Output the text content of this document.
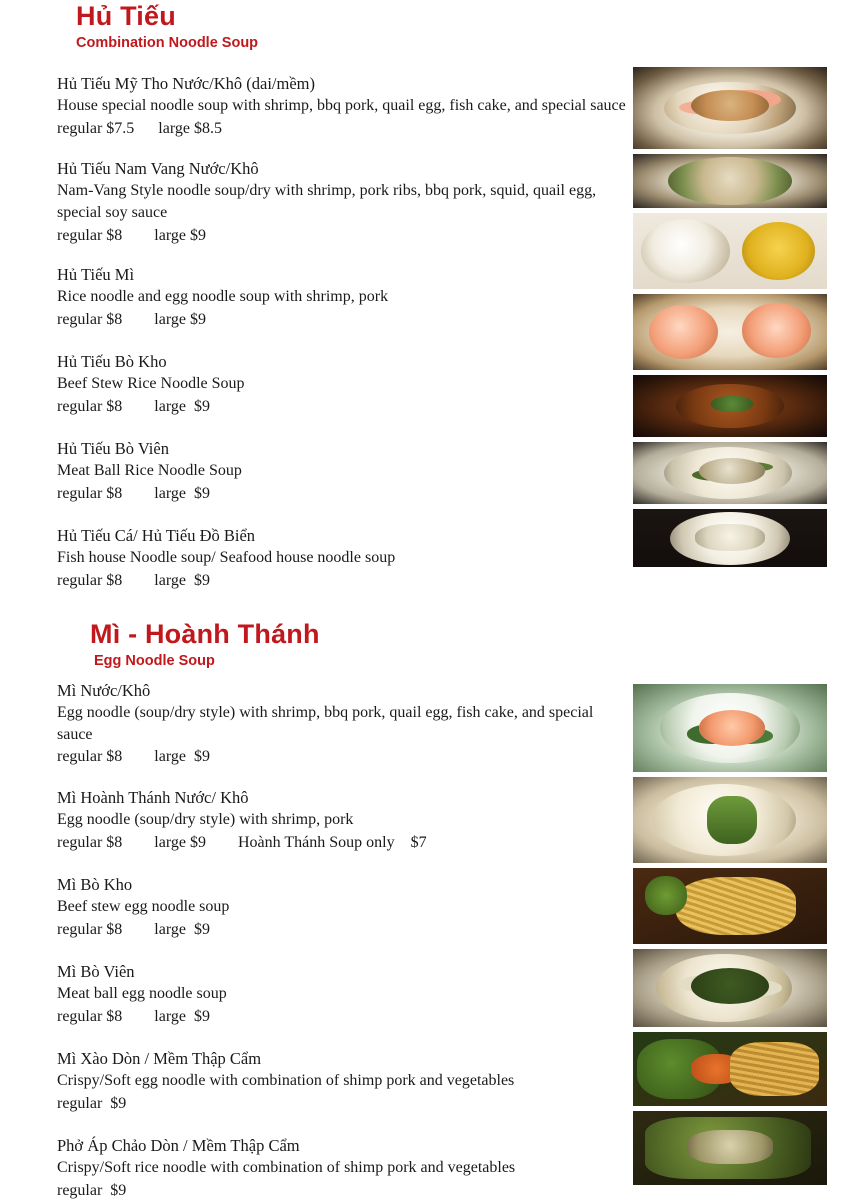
Hủ Tiếu
Combination Noodle Soup
Hủ Tiếu Mỹ Tho Nước/Khô (dai/mềm)
House special noodle soup with shrimp, bbq pork, quail egg, fish cake, and special sauce
regular $7.5      large $8.5
Hủ Tiếu Nam Vang Nước/Khô
Nam-Vang Style noodle soup/dry with shrimp, pork ribs, bbq pork, squid, quail egg, special soy sauce
regular $8        large $9
Hủ Tiếu Mì
Rice noodle and egg noodle soup with shrimp, pork
regular $8        large $9
Hủ Tiếu Bò Kho
Beef Stew Rice Noodle Soup
regular $8        large  $9
Hủ Tiếu Bò Viên
Meat Ball Rice Noodle Soup
regular $8        large  $9
Hủ Tiếu Cá/ Hủ Tiếu Đồ Biển
Fish house Noodle soup/ Seafood house noodle soup
regular $8        large  $9
Mì - Hoành Thánh
Egg Noodle Soup
Mì Nước/Khô
Egg noodle (soup/dry style) with shrimp, bbq pork, quail egg, fish cake, and special sauce
regular $8        large  $9
Mì Hoành Thánh Nước/ Khô
Egg noodle (soup/dry style) with shrimp, pork
regular $8        large $9        Hoành Thánh Soup only    $7
Mì Bò Kho
Beef stew egg noodle soup
regular $8        large  $9
Mì Bò Viên
Meat ball egg noodle soup
regular $8        large  $9
Mì Xào Dòn / Mềm Thập Cẩm
Crispy/Soft egg noodle with combination of shimp pork and vegetables
regular  $9
Phở Áp Chảo Dòn / Mềm Thập Cẩm
Crispy/Soft rice noodle with combination of shimp pork and vegetables
regular  $9
